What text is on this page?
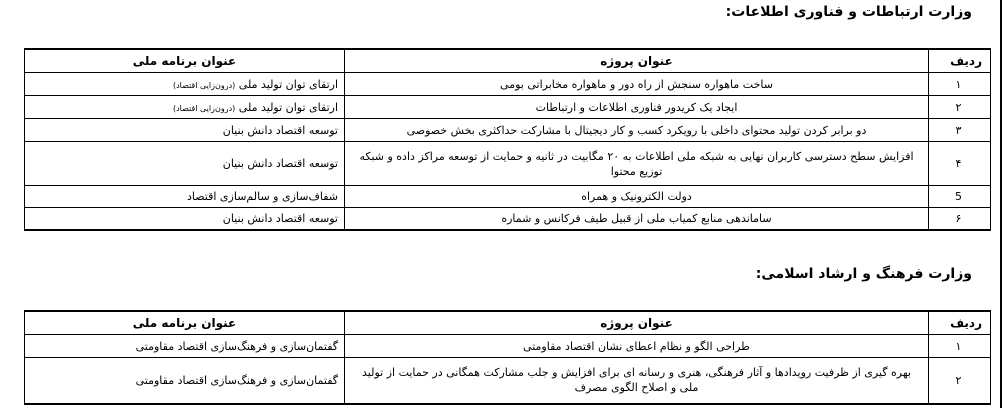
وزارت ارتباطات و فناوری اطلاعات:
ردیف	عنوان پروژه	عنوان برنامه ملی
۱	ساخت ماهواره سنجش از راه دور و ماهواره مخابراتی بومی	ارتقای توان تولید ملی (درون‌زایی اقتصاد)
۲	ایجاد یک کریدور فناوری اطلاعات و ارتباطات	ارتقای توان تولید ملی (درون‌زایی اقتصاد)
۳	دو برابر کردن تولید محتوای داخلی با رویکرد کسب و کار دیجیتال با مشارکت حداکثری بخش خصوصی	توسعه اقتصاد دانش بنیان
۴	افزایش سطح دسترسی کاربران نهایی به شبکه ملی اطلاعات به ۲۰ مگابیت در ثانیه و حمایت از توسعه مراکز داده و شبکه توزیع محتوا	توسعه اقتصاد دانش بنیان
5	دولت الکترونیک و همراه	شفاف‌سازی و سالم‌سازی اقتصاد
۶	ساماندهی منابع کمیاب ملی از قبیل طیف فرکانس و شماره	توسعه اقتصاد دانش بنیان
وزارت فرهنگ و ارشاد اسلامی:
ردیف	عنوان پروژه	عنوان برنامه ملی
۱	طراحی الگو و نظام اعطای نشان اقتصاد مقاومتی	گفتمان‌سازی و فرهنگ‌سازی اقتصاد مقاومتی
۲	بهره گیری از ظرفیت رویدادها و آثار فرهنگی، هنری و رسانه ای برای افزایش و جلب مشارکت همگانی در حمایت از تولید ملی و اصلاح الگوی مصرف	گفتمان‌سازی و فرهنگ‌سازی اقتصاد مقاومتی
